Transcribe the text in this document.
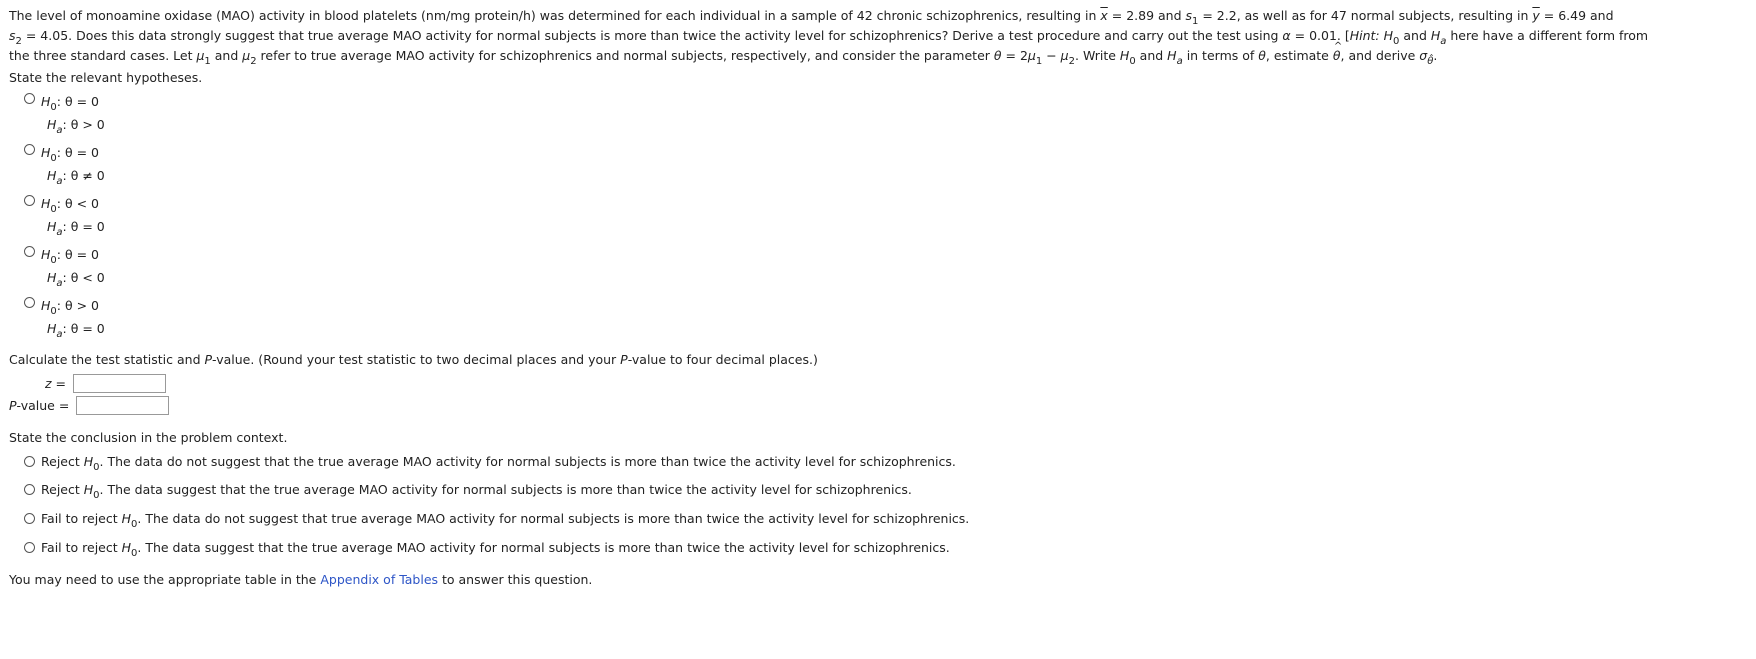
The level of monoamine oxidase (MAO) activity in blood platelets (nm/mg protein/h) was determined for each individual in a sample of 42 chronic schizophrenics, resulting in $\overline{x} = 2.89$ and $s_1 = 2.2$, as well as for 47 normal subjects, resulting in $\overline{y} = 6.49$ and
$s_2 = 4.05$. Does this data strongly suggest that true average MAO activity for normal subjects is more than twice the activity level for schizophrenics? Derive a test procedure and carry out the test using α = 0.01. [Hint: $H_0$ and $H_a$ here have a different form from
the three standard cases. Let $\mu_1$ and $\mu_2$ refer to true average MAO activity for schizophrenics and normal subjects, respectively, and consider the parameter $\theta = 2\mu_1 - \mu_2$. Write $H_0$ and $H_a$ in terms of θ, estimate ^ θ, and derive $\sigma_{\thetâ}$.
State the relevant hypotheses.
$H_0$: θ = 0
$H_a$: θ > 0
$H_0$: θ = 0
$H_a$: θ ≠ 0
$H_0$: θ < 0
$H_a$: θ = 0
$H_0$: θ = 0
$H_a$: θ < 0
$H_0$: θ > 0
$H_a$: θ = 0
Calculate the test statistic and P-value. (Round your test statistic to two decimal places and your P-value to four decimal places.)
z =
P-value =
State the conclusion in the problem context.
Reject $H_0$. The data do not suggest that the true average MAO activity for normal subjects is more than twice the activity level for schizophrenics.
Reject $H_0$. The data suggest that the true average MAO activity for normal subjects is more than twice the activity level for schizophrenics.
Fail to reject $H_0$. The data do not suggest that true average MAO activity for normal subjects is more than twice the activity level for schizophrenics.
Fail to reject $H_0$. The data suggest that the true average MAO activity for normal subjects is more than twice the activity level for schizophrenics.
You may need to use the appropriate table in the Appendix of Tables to answer this question.
